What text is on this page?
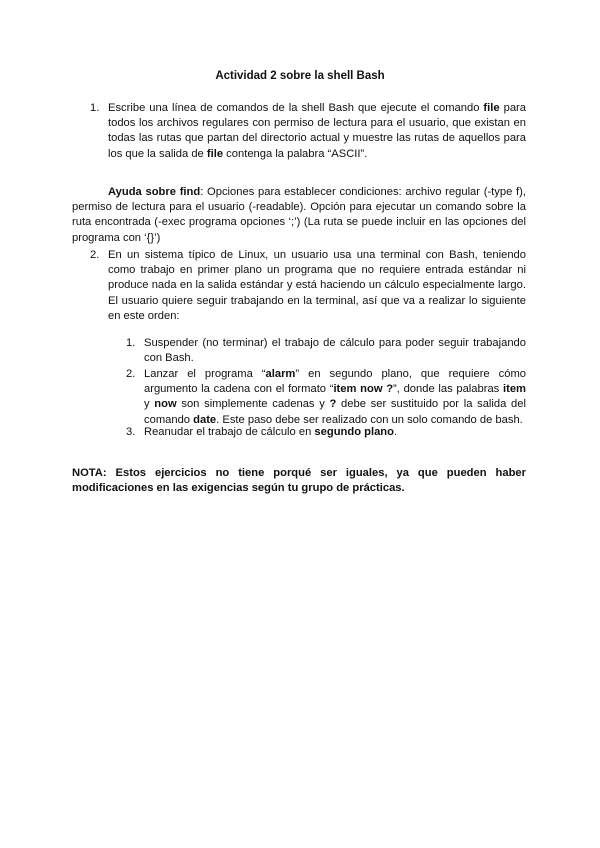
Actividad 2 sobre la shell Bash
1. Escribe una línea de comandos de la shell Bash que ejecute el comando file para todos los archivos regulares con permiso de lectura para el usuario, que existan en todas las rutas que partan del directorio actual y muestre las rutas de aquellos para los que la salida de file contenga la palabra “ASCII”.
Ayuda sobre find: Opciones para establecer condiciones: archivo regular (-type f), permiso de lectura para el usuario (-readable). Opción para ejecutar un comando sobre la ruta encontrada (-exec programa opciones ‘;’) (La ruta se puede incluir en las opciones del programa con ‘{}’)
2. En un sistema típico de Linux, un usuario usa una terminal con Bash, teniendo como trabajo en primer plano un programa que no requiere entrada estándar ni produce nada en la salida estándar y está haciendo un cálculo especialmente largo. El usuario quiere seguir trabajando en la terminal, así que va a realizar lo siguiente en este orden:
1. Suspender (no terminar) el trabajo de cálculo para poder seguir trabajando con Bash.
2. Lanzar el programa “alarm” en segundo plano, que requiere cómo argumento la cadena con el formato “item now ?”, donde las palabras item y now son simplemente cadenas y ? debe ser sustituido por la salida del comando date. Este paso debe ser realizado con un solo comando de bash.
3. Reanudar el trabajo de cálculo en segundo plano.
NOTA: Estos ejercicios no tiene porqué ser iguales, ya que pueden haber modificaciones en las exigencias según tu grupo de prácticas.
